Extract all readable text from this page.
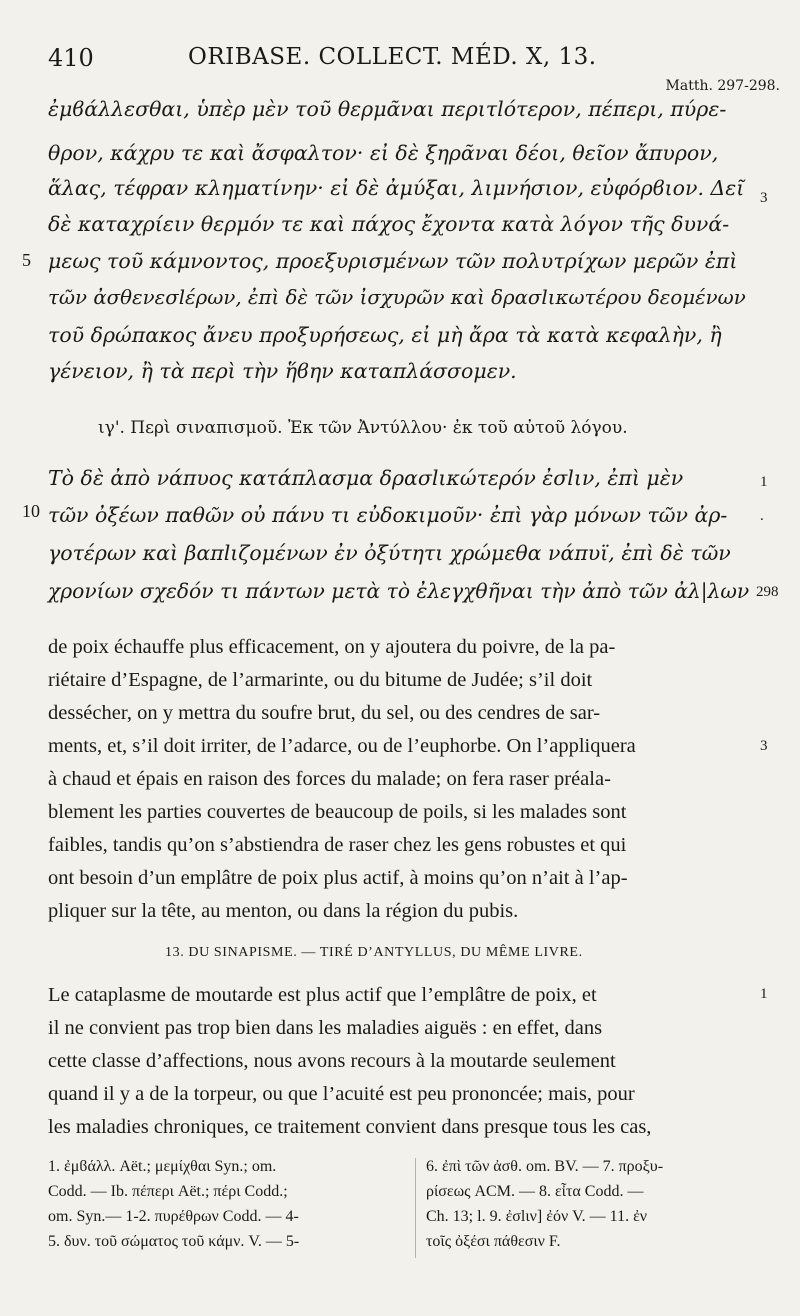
410	ORIBASE. COLLECT. MÉD. X, 13.
Matth. 297-298.
ἐμϐάλλεσθαι, ὑπὲρ μὲν τοῦ θερμᾶναι περιτlότερον, πέπερι, πύρε-
θρον, κάχρυ τε καὶ ἄσφαλτον· εἰ δὲ ξηρᾶναι δέοι, θεῖον ἄπυρον,
ἅλας, τέφραν κληματίνην· εἰ δὲ ἀμύξαι, λιμνήσιον, εὐφόρϐιον. Δεῖ
δὲ καταχρίειν θερμόν τε καὶ πάχος ἔχοντα κατὰ λόγον τῆς δυνά-
μεως τοῦ κάμνοντος, προεξυρισμένων τῶν πολυτρίχων μερῶν ἐπὶ
τῶν ἀσθενεσlέρων, ἐπὶ δὲ τῶν ἰσχυρῶν καὶ δρασlικωτέρου δεομένων
τοῦ δρώπακος ἄνευ προξυρήσεως, εἰ μὴ ἄρα τὰ κατὰ κεφαλὴν, ἢ
γένειον, ἢ τὰ περὶ τὴν ἥϐην καταπλάσσομεν.
5
3
ιγ'. Περὶ σιναπισμοῦ. Ἐκ τῶν Ἀντύλλου· ἐκ τοῦ αὐτοῦ λόγου.
Τὸ δὲ ἀπὸ νάπυος κατάπλασμα δρασlικώτερόν ἐσlιν, ἐπὶ μὲν
τῶν ὀξέων παθῶν οὐ πάνυ τι εὐδοκιμοῦν· ἐπὶ γὰρ μόνων τῶν ἀρ-
γοτέρων καὶ βαπlιζομένων ἐν ὀξύτητι χρώμεθα νάπυϊ, ἐπὶ δὲ τῶν
χρονίων σχεδόν τι πάντων μετὰ τὸ ἐλεγχθῆναι τὴν ἀπὸ τῶν ἀλ|λων
10
1
.
298
de poix échauffe plus efficacement, on y ajoutera du poivre, de la pa-
riétaire d’Espagne, de l’armarinte, ou du bitume de Judée; s’il doit
dessécher, on y mettra du soufre brut, du sel, ou des cendres de sar-
ments, et, s’il doit irriter, de l’adarce, ou de l’euphorbe. On l’appliquera
à chaud et épais en raison des forces du malade; on fera raser préala-
blement les parties couvertes de beaucoup de poils, si les malades sont
faibles, tandis qu’on s’abstiendra de raser chez les gens robustes et qui
ont besoin d’un emplâtre de poix plus actif, à moins qu’on n’ait à l’ap-
pliquer sur la tête, au menton, ou dans la région du pubis.
3
13. DU SINAPISME. — TIRÉ D’ANTYLLUS, DU MÊME LIVRE.
Le cataplasme de moutarde est plus actif que l’emplâtre de poix, et
il ne convient pas trop bien dans les maladies aiguës : en effet, dans
cette classe d’affections, nous avons recours à la moutarde seulement
quand il y a de la torpeur, ou que l’acuité est peu prononcée; mais, pour
les maladies chroniques, ce traitement convient dans presque tous les cas,
1
1. ἐμϐάλλ. Aët.; μεμίχθαι Syn.; om.
Codd. — Ib. πέπερι Aët.; πέρι Codd.;
om. Syn.— 1-2. πυρέθρων Codd. — 4-
5. δυν. τοῦ σώματος τοῦ κάμν. V. — 5-
6. ἐπὶ τῶν ἀσθ. om. BV. — 7. προξυ-
ρίσεως ACM. — 8. εἶτα Codd. —
Ch. 13; l. 9. ἐσlιν] ἐόν V. — 11. ἐν
τοῖς ὀξέσι πάθεσιν F.
